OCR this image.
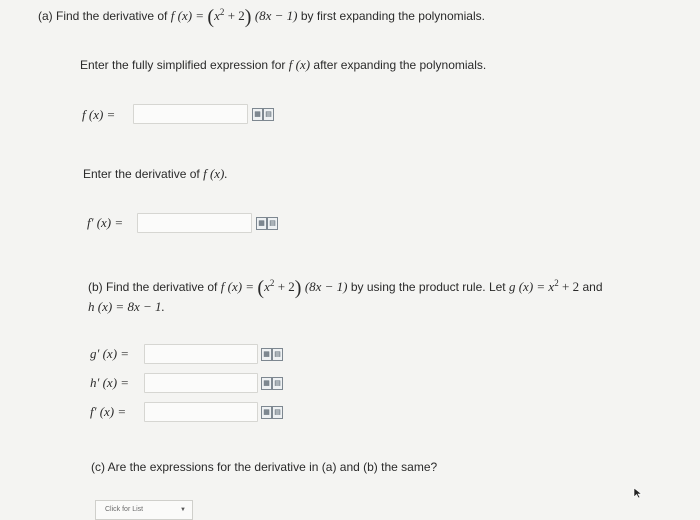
(a) Find the derivative of f $(x) = (x^2 + 2) (8x - 1)$ by first expanding the polynomials.
Enter the fully simplified expression for f (x) after expanding the polynomials.
f (x) =	▦ ▤
Enter the derivative of f (x).
f′ (x) =	▦ ▤
(b) Find the derivative of f $(x) = (x^2 + 2) (8x - 1)$ by using the product rule. Let g $(x) = x^2 + 2$ and
h (x) = 8x − 1.
g′ (x) =	▦ ▤
h′ (x) =	▦ ▤
f′ (x) =	▦ ▤
(c) Are the expressions for the derivative in (a) and (b) the same?
Click for List	▼
